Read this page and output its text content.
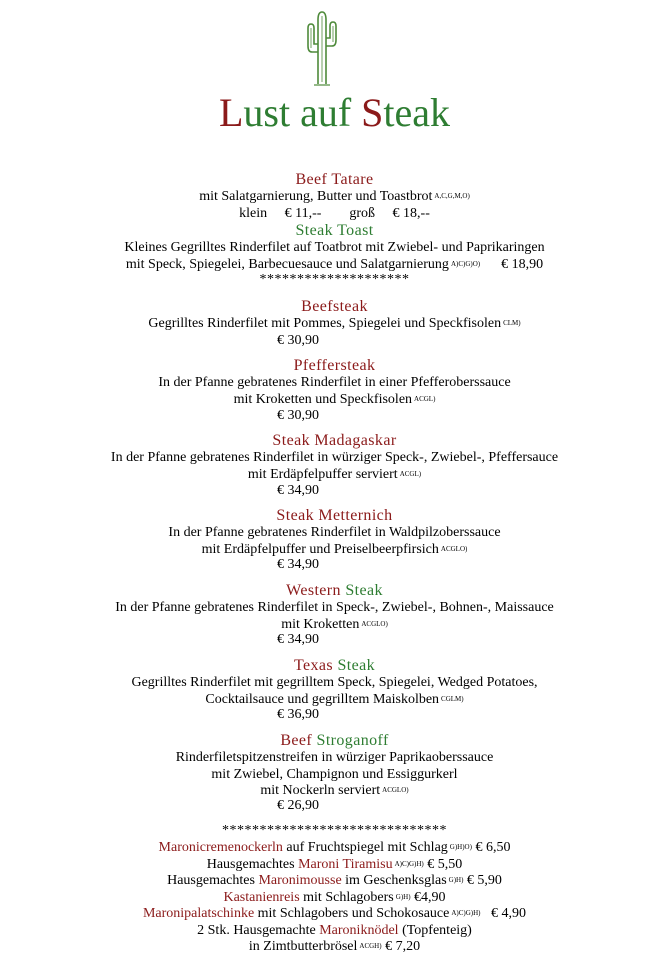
Lust auf Steak
Beef Tatare
mit Salatgarnierung, Butter und Toastbrot $^{A,C,G,M,O)}$
klein     € 11,--        groß     € 18,--
Steak Toast
Kleines Gegrilltes Rinderfilet auf Toatbrot mit Zwiebel- und Paprikaringen
mit Speck, Spiegelei, Barbecuesauce und Salatgarnierung $^{A)C)G)O)}$ € 18,90
********************
Beefsteak
Gegrilltes Rinderfilet mit Pommes, Spiegelei und Speckfisolen $^{CLM)}$
€ 30,90
Pfeffersteak
In der Pfanne gebratenes Rinderfilet in einer Pfefferoberssauce
mit Kroketten und Speckfisolen $^{ACGL)}$
€ 30,90
Steak Madagaskar
In der Pfanne gebratenes Rinderfilet in würziger Speck-, Zwiebel-, Pfeffersauce
mit Erdäpfelpuffer serviert $^{ACGL)}$
€ 34,90
Steak Metternich
In der Pfanne gebratenes Rinderfilet in Waldpilzoberssauce
mit Erdäpfelpuffer und Preiselbeerpfirsich $^{ACGLO)}$
€ 34,90
Western Steak
In der Pfanne gebratenes Rinderfilet in Speck-, Zwiebel-, Bohnen-, Maissauce
mit Kroketten $^{ACGLO)}$
€ 34,90
Texas Steak
Gegrilltes Rinderfilet mit gegrilltem Speck, Spiegelei, Wedged Potatoes,
Cocktailsauce und gegrilltem Maiskolben $^{CGLM)}$
€ 36,90
Beef Stroganoff
Rinderfiletspitzenstreifen in würziger Paprikaoberssauce
mit Zwiebel, Champignon und Essiggurkerl
mit Nockerln serviert $^{ACGLO)}$
€ 26,90
******************************
Maronicremenockerln auf Fruchtspiegel mit Schlag $^{G)H)O)}$ € 6,50
Hausgemachtes Maroni Tiramisu $^{A)C)G)H)}$ € 5,50
Hausgemachtes Maronimousse im Geschenksglas $^{G)H)}$ € 5,90
Kastanienreis mit Schlagobers $^{G)H)}$ €4,90
Maronipalatschinke mit Schlagobers und Schokosauce $^{A)C)G)H)}$   € 4,90
2 Stk. Hausgemachte Maroniknödel (Topfenteig)
in Zimtbutterbrösel $^{ACGH)}$ € 7,20
